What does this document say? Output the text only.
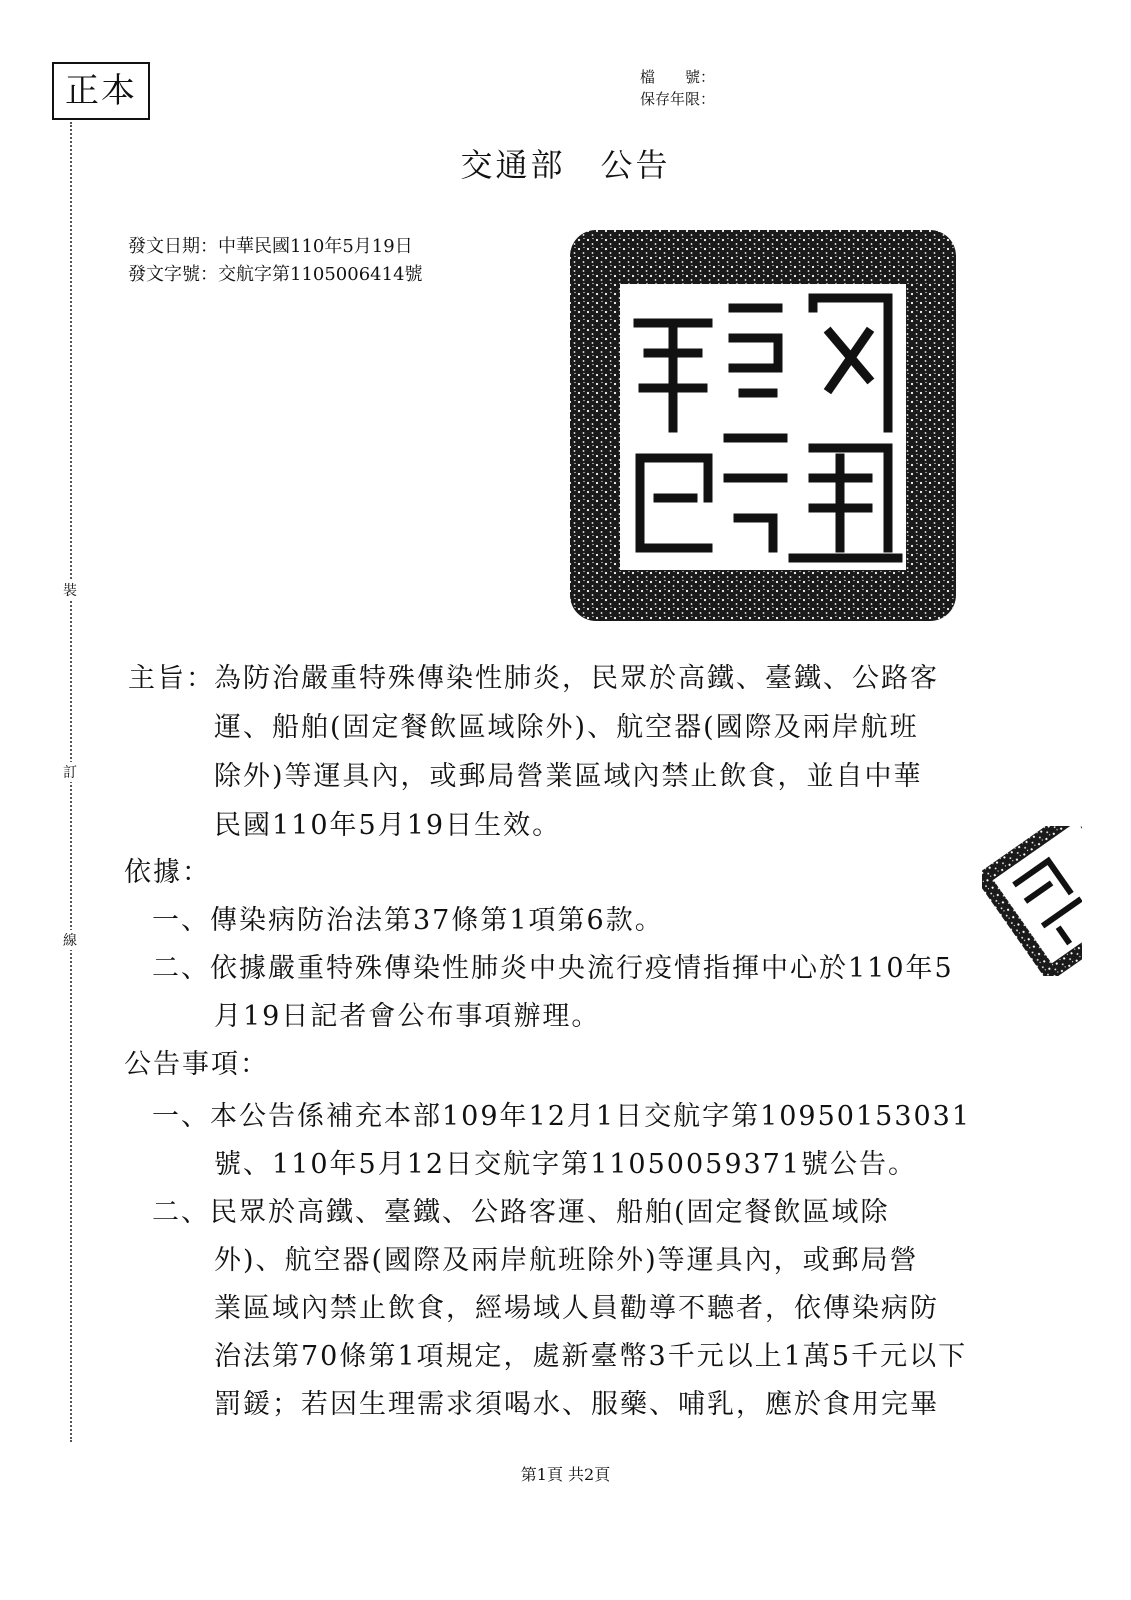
正本
裝
訂
線
檔　　號：
保存年限：
交通部　公告
發文日期：中華民國110年5月19日
發文字號：交航字第1105006414號
主旨： 為防治嚴重特殊傳染性肺炎，民眾於高鐵、臺鐵、公路客
運、船舶(固定餐飲區域除外)、航空器(國際及兩岸航班
除外)等運具內，或郵局營業區域內禁止飲食，並自中華
民國110年5月19日生效。
依據：
一、傳染病防治法第37條第1項第6款。
二、依據嚴重特殊傳染性肺炎中央流行疫情指揮中心於110年5
月19日記者會公布事項辦理。
公告事項：
一、本公告係補充本部109年12月1日交航字第10950153031
號、110年5月12日交航字第11050059371號公告。
二、民眾於高鐵、臺鐵、公路客運、船舶(固定餐飲區域除
外)、航空器(國際及兩岸航班除外)等運具內，或郵局營
業區域內禁止飲食，經場域人員勸導不聽者，依傳染病防
治法第70條第1項規定，處新臺幣3千元以上1萬5千元以下
罰鍰；若因生理需求須喝水、服藥、哺乳，應於食用完畢
第1頁 共2頁
